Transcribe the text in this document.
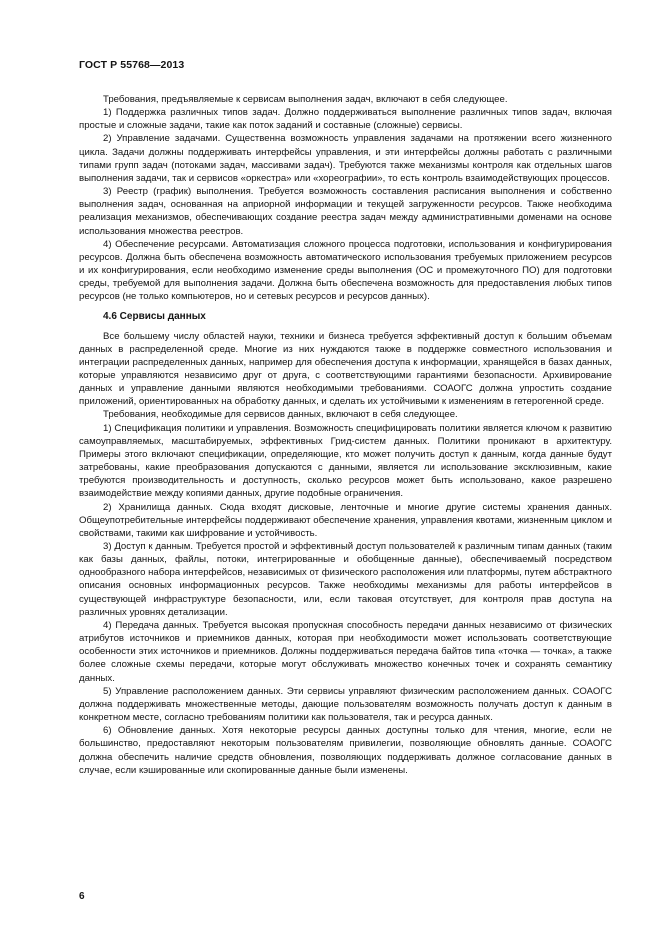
ГОСТ Р 55768—2013

Требования, предъявляемые к сервисам выполнения задач, включают в себя следующее.

1) Поддержка различных типов задач. Должно поддерживаться выполнение различных типов задач, включая простые и сложные задачи, такие как поток заданий и составные (сложные) сервисы.

2) Управление задачами. Существенна возможность управления задачами на протяжении всего жизненного цикла. Задачи должны поддерживать интерфейсы управления, и эти интерфейсы должны работать с различными типами групп задач (потоками задач, массивами задач). Требуются также механизмы контроля как отдельных шагов выполнения задачи, так и сервисов «оркестра» или «хореографии», то есть контроль взаимодействующих процессов.

3) Реестр (график) выполнения. Требуется возможность составления расписания выполнения и собственно выполнения задач, основанная на априорной информации и текущей загруженности ресурсов. Также необходима реализация механизмов, обеспечивающих создание реестра задач между административными доменами на основе использования множества реестров.

4) Обеспечение ресурсами. Автоматизация сложного процесса подготовки, использования и конфигурирования ресурсов. Должна быть обеспечена возможность автоматического использования требуемых приложением ресурсов и их конфигурирования, если необходимо изменение среды выполнения (ОС и промежуточного ПО) для подготовки среды, требуемой для выполнения задачи. Должна быть обеспечена возможность для предоставления любых типов ресурсов (не только компьютеров, но и сетевых ресурсов и ресурсов данных).

4.6 Сервисы данных

Все большему числу областей науки, техники и бизнеса требуется эффективный доступ к большим объемам данных в распределенной среде. Многие из них нуждаются также в поддержке совместного использования и интеграции распределенных данных, например для обеспечения доступа к информации, хранящейся в базах данных, которые управляются независимо друг от друга, с соответствующими гарантиями безопасности. Архивирование данных и управление данными являются необходимыми требованиями. СОАОГС должна упростить создание приложений, ориентированных на обработку данных, и сделать их устойчивыми к изменениям в гетерогенной среде.

Требования, необходимые для сервисов данных, включают в себя следующее.

1) Спецификация политики и управления. Возможность специфицировать политики является ключом к развитию самоуправляемых, масштабируемых, эффективных Грид-систем данных. Политики проникают в архитектуру. Примеры этого включают спецификации, определяющие, кто может получить доступ к данным, когда данные будут затребованы, какие преобразования допускаются с данными, является ли использование эксклюзивным, какие требуются производительность и доступность, сколько ресурсов может быть использовано, какое разрешено взаимодействие между копиями данных, другие подобные ограничения.

2) Хранилища данных. Сюда входят дисковые, ленточные и многие другие системы хранения данных. Общеупотребительные интерфейсы поддерживают обеспечение хранения, управления квотами, жизненным циклом и свойствами, такими как шифрование и устойчивость.

3) Доступ к данным. Требуется простой и эффективный доступ пользователей к различным типам данных (таким как базы данных, файлы, потоки, интегрированные и обобщенные данные), обеспечиваемый посредством однообразного набора интерфейсов, независимых от физического расположения или платформы, путем абстрактного описания основных информационных ресурсов. Также необходимы механизмы для работы интерфейсов в существующей инфраструктуре безопасности, или, если таковая отсутствует, для контроля прав доступа на различных уровнях детализации.

4) Передача данных. Требуется высокая пропускная способность передачи данных независимо от физических атрибутов источников и приемников данных, которая при необходимости может использовать соответствующие особенности этих источников и приемников. Должны поддерживаться передача байтов типа «точка — точка», а также более сложные схемы передачи, которые могут обслуживать множество конечных точек и сохранять семантику данных.

5) Управление расположением данных. Эти сервисы управляют физическим расположением данных. СОАОГС должна поддерживать множественные методы, дающие пользователям возможность получать доступ к данным в конкретном месте, согласно требованиям политики как пользователя, так и ресурса данных.

6) Обновление данных. Хотя некоторые ресурсы данных доступны только для чтения, многие, если не большинство, предоставляют некоторым пользователям привилегии, позволяющие обновлять данные. СОАОГС должна обеспечить наличие средств обновления, позволяющих поддерживать должное согласование данных в случае, если кэшированные или скопированные данные были изменены.

6
